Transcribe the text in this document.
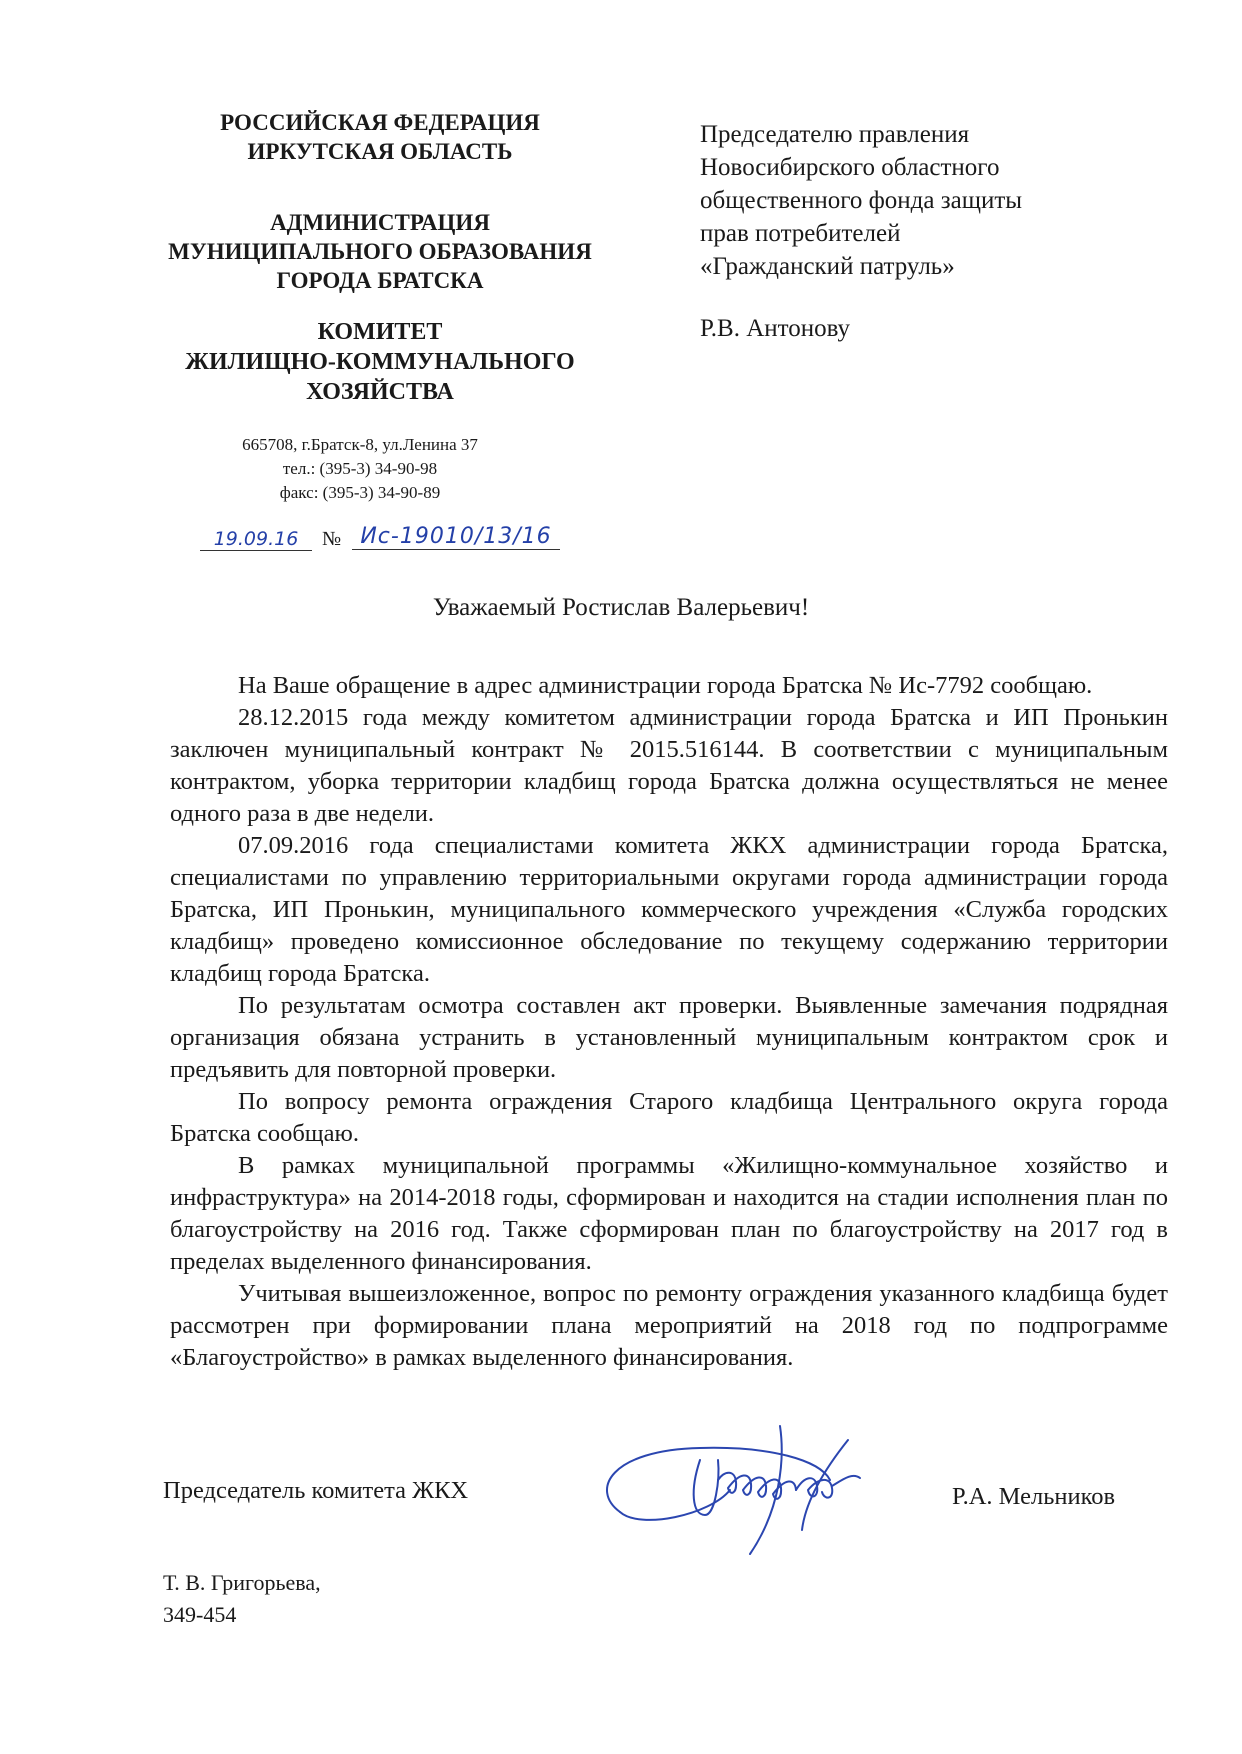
РОССИЙСКАЯ ФЕДЕРАЦИЯ
ИРКУТСКАЯ ОБЛАСТЬ
АДМИНИСТРАЦИЯ
МУНИЦИПАЛЬНОГО ОБРАЗОВАНИЯ
ГОРОДА БРАТСКА
КОМИТЕТ
ЖИЛИЩНО-КОММУНАЛЬНОГО
ХОЗЯЙСТВА
665708, г.Братск-8, ул.Ленина 37
тел.: (395-3) 34-90-98
факс: (395-3) 34-90-89
19.09.16	№ Ис-19010/13/16
Председателю правления
Новосибирского областного
общественного фонда защиты
прав потребителей
«Гражданский патруль»
Р.В. Антонову
Уважаемый Ростислав Валерьевич!

На Ваше обращение в адрес администрации города Братска № Ис-7792 сообщаю.

28.12.2015 года между комитетом администрации города Братска и ИП Пронькин заключен муниципальный контракт № 2015.516144. В соответствии с муниципальным контрактом, уборка территории кладбищ города Братска должна осуществляться не менее одного раза в две недели.

07.09.2016 года специалистами комитета ЖКХ администрации города Братска, специалистами по управлению территориальными округами города администрации города Братска, ИП Пронькин, муниципального коммерческого учреждения «Служба городских кладбищ» проведено комиссионное обследование по текущему содержанию территории кладбищ города Братска.

По результатам осмотра составлен акт проверки. Выявленные замечания подрядная организация обязана устранить в установленный муниципальным контрактом срок и предъявить для повторной проверки.

По вопросу ремонта ограждения Старого кладбища Центрального округа города Братска сообщаю.

В рамках муниципальной программы «Жилищно-коммунальное хозяйство и инфраструктура» на 2014-2018 годы, сформирован и находится на стадии исполнения план по благоустройству на 2016 год. Также сформирован план по благоустройству на 2017 год в пределах выделенного финансирования.

Учитывая вышеизложенное, вопрос по ремонту ограждения указанного кладбища будет рассмотрен при формировании плана мероприятий на 2018 год по подпрограмме «Благоустройство» в рамках выделенного финансирования.

Председатель комитета ЖКХ	Р.А. Мельников
Т. В. Григорьева,
349-454
